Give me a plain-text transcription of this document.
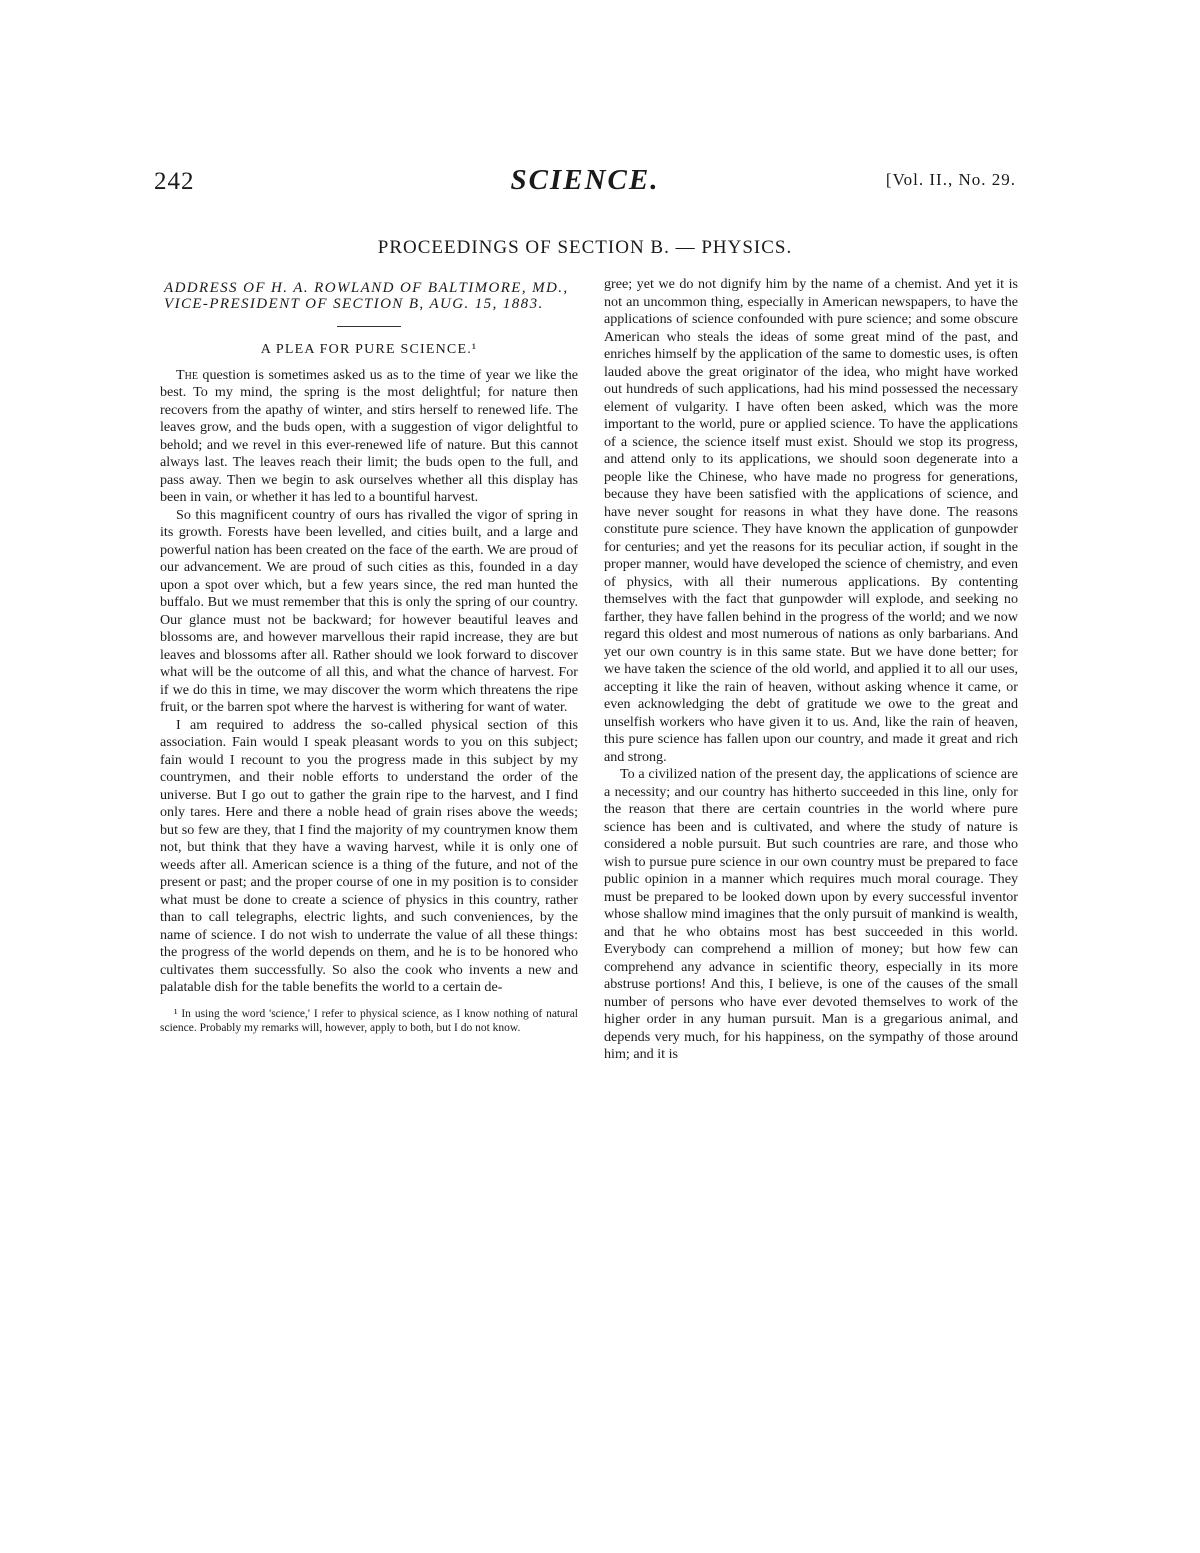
242	SCIENCE.	[Vol. II., No. 29.
PROCEEDINGS OF SECTION B. — PHYSICS.
ADDRESS OF H. A. ROWLAND OF BALTIMORE, MD., VICE-PRESIDENT OF SECTION B, AUG. 15, 1883.
A PLEA FOR PURE SCIENCE.¹

The question is sometimes asked us as to the time of year we like the best. To my mind, the spring is the most delightful; for nature then recovers from the apathy of winter, and stirs herself to renewed life. The leaves grow, and the buds open, with a suggestion of vigor delightful to behold; and we revel in this ever-renewed life of nature. But this cannot always last. The leaves reach their limit; the buds open to the full, and pass away. Then we begin to ask ourselves whether all this display has been in vain, or whether it has led to a bountiful harvest.

So this magnificent country of ours has rivalled the vigor of spring in its growth. Forests have been levelled, and cities built, and a large and powerful nation has been created on the face of the earth. We are proud of our advancement. We are proud of such cities as this, founded in a day upon a spot over which, but a few years since, the red man hunted the buffalo. But we must remember that this is only the spring of our country. Our glance must not be backward; for however beautiful leaves and blossoms are, and however marvellous their rapid increase, they are but leaves and blossoms after all. Rather should we look forward to discover what will be the outcome of all this, and what the chance of harvest. For if we do this in time, we may discover the worm which threatens the ripe fruit, or the barren spot where the harvest is withering for want of water.

I am required to address the so-called physical section of this association. Fain would I speak pleasant words to you on this subject; fain would I recount to you the progress made in this subject by my countrymen, and their noble efforts to understand the order of the universe. But I go out to gather the grain ripe to the harvest, and I find only tares. Here and there a noble head of grain rises above the weeds; but so few are they, that I find the majority of my countrymen know them not, but think that they have a waving harvest, while it is only one of weeds after all. American science is a thing of the future, and not of the present or past; and the proper course of one in my position is to consider what must be done to create a science of physics in this country, rather than to call telegraphs, electric lights, and such conveniences, by the name of science. I do not wish to underrate the value of all these things: the progress of the world depends on them, and he is to be honored who cultivates them successfully. So also the cook who invents a new and palatable dish for the table benefits the world to a certain de-

¹ In using the word 'science,' I refer to physical science, as I know nothing of natural science. Probably my remarks will, however, apply to both, but I do not know.

gree; yet we do not dignify him by the name of a chemist. And yet it is not an uncommon thing, especially in American newspapers, to have the applications of science confounded with pure science; and some obscure American who steals the ideas of some great mind of the past, and enriches himself by the application of the same to domestic uses, is often lauded above the great originator of the idea, who might have worked out hundreds of such applications, had his mind possessed the necessary element of vulgarity. I have often been asked, which was the more important to the world, pure or applied science. To have the applications of a science, the science itself must exist. Should we stop its progress, and attend only to its applications, we should soon degenerate into a people like the Chinese, who have made no progress for generations, because they have been satisfied with the applications of science, and have never sought for reasons in what they have done. The reasons constitute pure science. They have known the application of gunpowder for centuries; and yet the reasons for its peculiar action, if sought in the proper manner, would have developed the science of chemistry, and even of physics, with all their numerous applications. By contenting themselves with the fact that gunpowder will explode, and seeking no farther, they have fallen behind in the progress of the world; and we now regard this oldest and most numerous of nations as only barbarians. And yet our own country is in this same state. But we have done better; for we have taken the science of the old world, and applied it to all our uses, accepting it like the rain of heaven, without asking whence it came, or even acknowledging the debt of gratitude we owe to the great and unselfish workers who have given it to us. And, like the rain of heaven, this pure science has fallen upon our country, and made it great and rich and strong.

To a civilized nation of the present day, the applications of science are a necessity; and our country has hitherto succeeded in this line, only for the reason that there are certain countries in the world where pure science has been and is cultivated, and where the study of nature is considered a noble pursuit. But such countries are rare, and those who wish to pursue pure science in our own country must be prepared to face public opinion in a manner which requires much moral courage. They must be prepared to be looked down upon by every successful inventor whose shallow mind imagines that the only pursuit of mankind is wealth, and that he who obtains most has best succeeded in this world. Everybody can comprehend a million of money; but how few can comprehend any advance in scientific theory, especially in its more abstruse portions! And this, I believe, is one of the causes of the small number of persons who have ever devoted themselves to work of the higher order in any human pursuit. Man is a gregarious animal, and depends very much, for his happiness, on the sympathy of those around him; and it is
